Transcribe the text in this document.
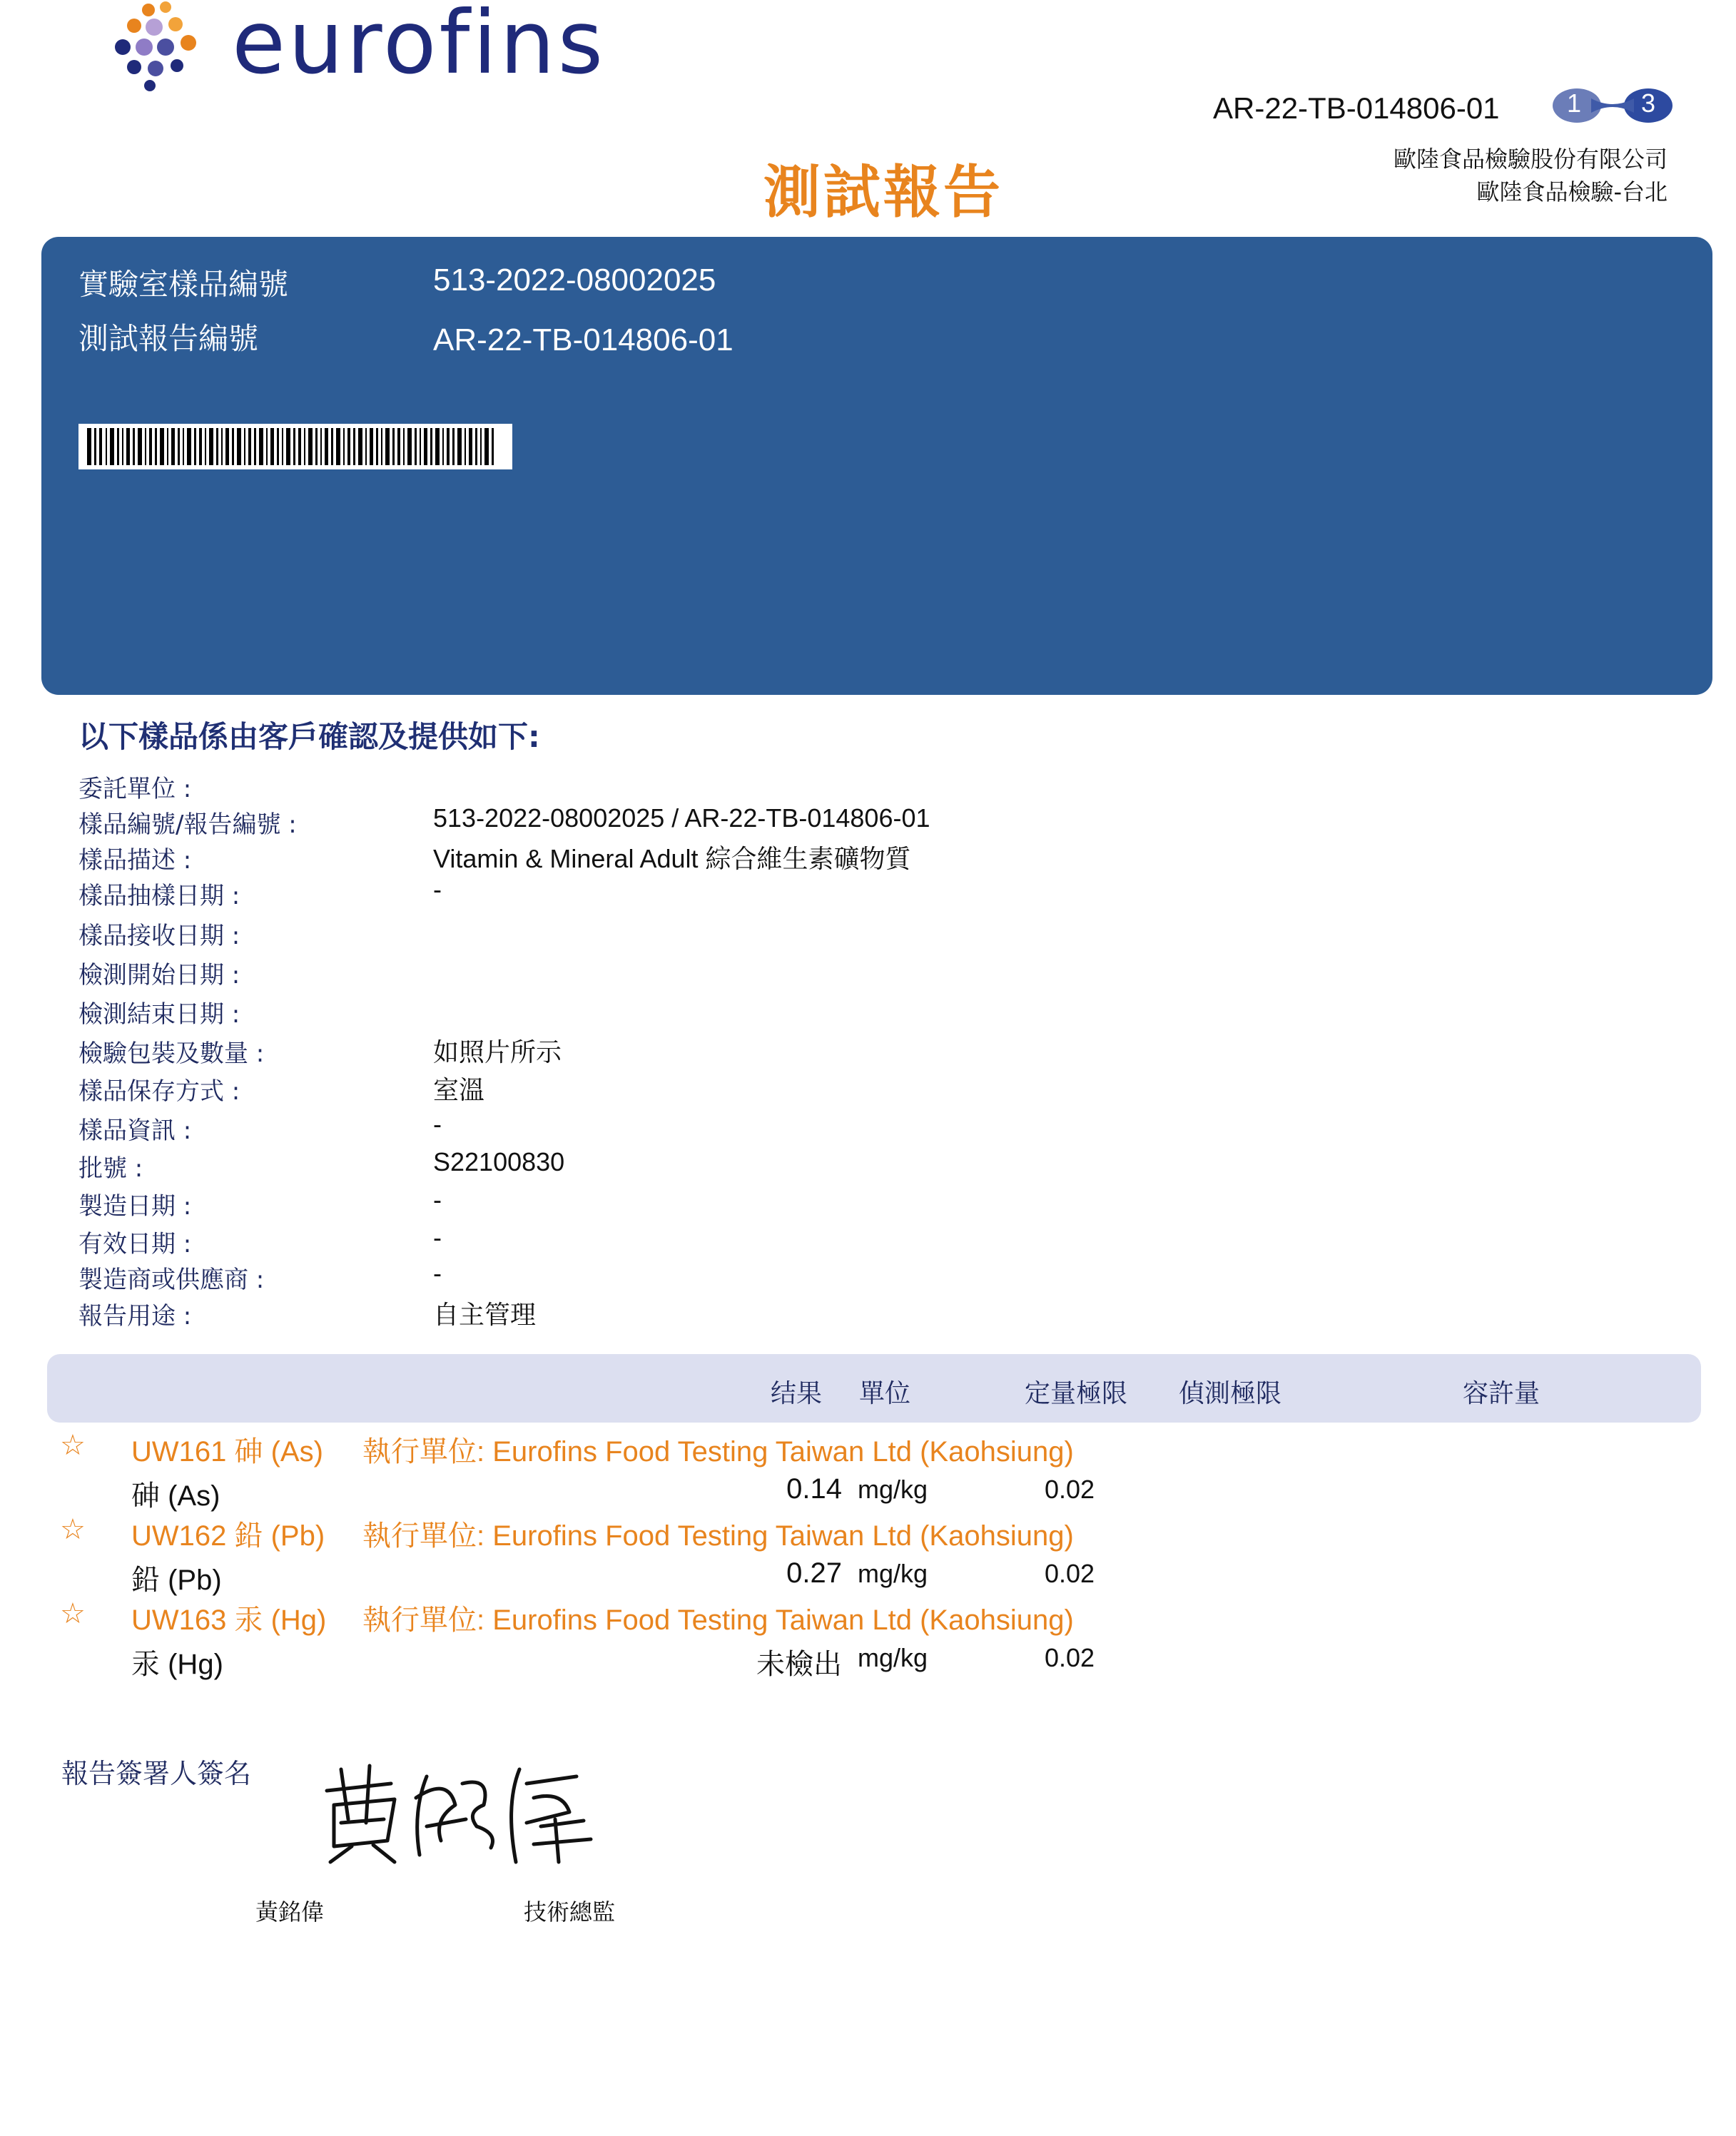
eurofins
AR-22-TB-014806-01	1 3
歐陸食品檢驗股份有限公司
歐陸食品檢驗-台北
測試報告
實驗室樣品編號	513-2022-08002025
測試報告編號	AR-22-TB-014806-01
以下樣品係由客戶確認及提供如下:
委託單位 :
樣品編號/報告編號 :	513-2022-08002025 / AR-22-TB-014806-01
樣品描述 :	Vitamin & Mineral Adult 綜合維生素礦物質
樣品抽樣日期 :	-
樣品接收日期 :
檢測開始日期 :
檢測結束日期 :
檢驗包裝及數量 :	如照片所示
樣品保存方式 :	室溫
樣品資訊 :	-
批號 :	S22100830
製造日期 :	-
有效日期 :	-
製造商或供應商 :	-
報告用途 :	自主管理
结果 單位	定量極限 偵測極限	容許量
☆ UW161 砷 (As) 執行單位: Eurofins Food Testing Taiwan Ltd (Kaohsiung)
砷 (As)	0.14 mg/kg	0.02
☆ UW162 鉛 (Pb) 執行單位: Eurofins Food Testing Taiwan Ltd (Kaohsiung)
鉛 (Pb)	0.27 mg/kg	0.02
☆ UW163 汞 (Hg) 執行單位: Eurofins Food Testing Taiwan Ltd (Kaohsiung)
汞 (Hg)	未檢出 mg/kg	0.02
報告簽署人簽名
黃銘偉	技術總監
